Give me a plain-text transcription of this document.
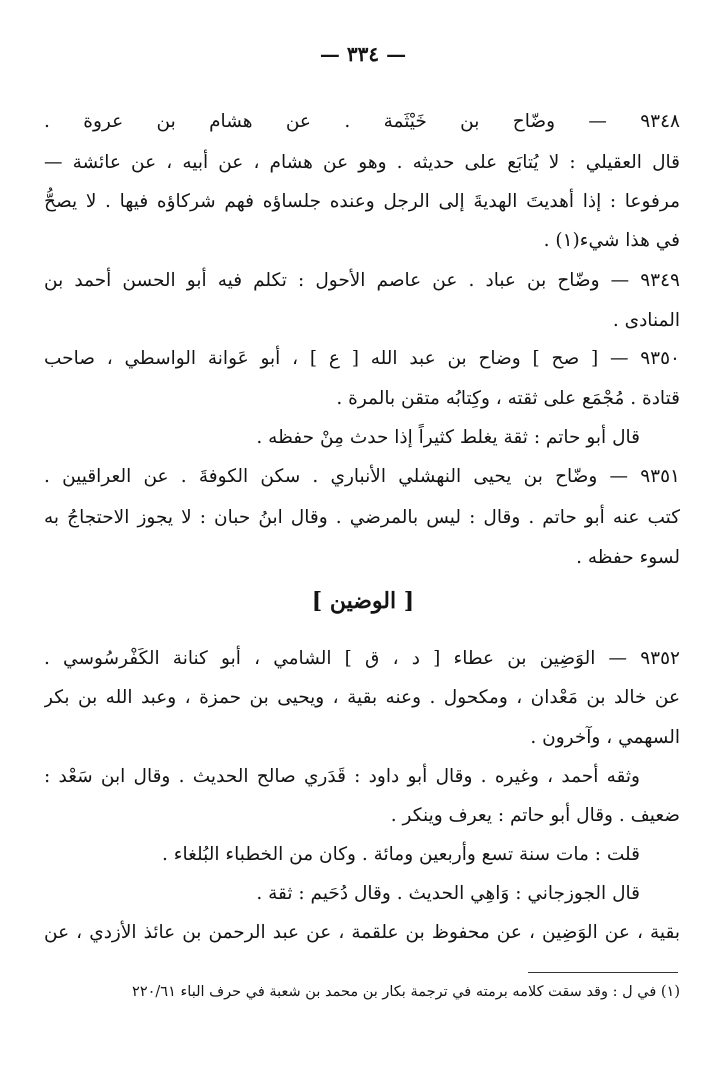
— ٣٣٤ —
٩٣٤٨ — وضّاح بن خَيْثَمة . عن هشام بن عروة .
قال العقيلي : لا يُتابَع على حديثه . وهو عن هشام ، عن أبيه ، عن عائشة —
مرفوعا : إذا أهديتَ الهديةَ إلى الرجل وعنده جلساؤه فهم شركاؤه فيها . لا يصحُّ
في هذا شيء(١) .
٩٣٤٩ — وضّاح بن عباد . عن عاصم الأحول : تكلم فيه أبو الحسن أحمد بن
المنادى .
٩٣٥٠ — [ صح ] وضاح بن عبد الله [ ع ] ، أبو عَوانة الواسطي ، صاحب
قتادة . مُجْمَع على ثقته ، وكِتابُه متقن بالمرة .
قال أبو حاتم : ثقة يغلط كثيراً إذا حدث مِنْ حفظه .
٩٣٥١ — وضّاح بن يحيى النهشلي الأنباري . سكن الكوفةَ . عن العراقيين .
كتب عنه أبو حاتم . وقال : ليس بالمرضي . وقال ابنُ حبان : لا يجوز الاحتجاجُ به
لسوء حفظه .
[ الوضين ]
٩٣٥٢ — الوَضِين بن عطاء [ د ، ق ] الشامي ، أبو كنانة الكَفْرسُوسي .
عن خالد بن مَعْدان ، ومكحول . وعنه بقية ، ويحيى بن حمزة ، وعبد الله بن بكر
السهمي ، وآخرون .
وثقه أحمد ، وغيره . وقال أبو داود : قَدَري صالح الحديث . وقال ابن سَعْد :
ضعيف . وقال أبو حاتم : يعرف وينكر .
قلت : مات سنة تسع وأربعين ومائة . وكان من الخطباء البُلغاء .
قال الجوزجاني : وَاهِي الحديث . وقال دُحَيم : ثقة .
بقية ، عن الوَضِين ، عن محفوظ بن علقمة ، عن عبد الرحمن بن عائذ الأزدي ، عن
(١) في ل : وقد سقت كلامه برمته في ترجمة بكار بن محمد بن شعبة في حرف الباء ٢٢٠/٦١
